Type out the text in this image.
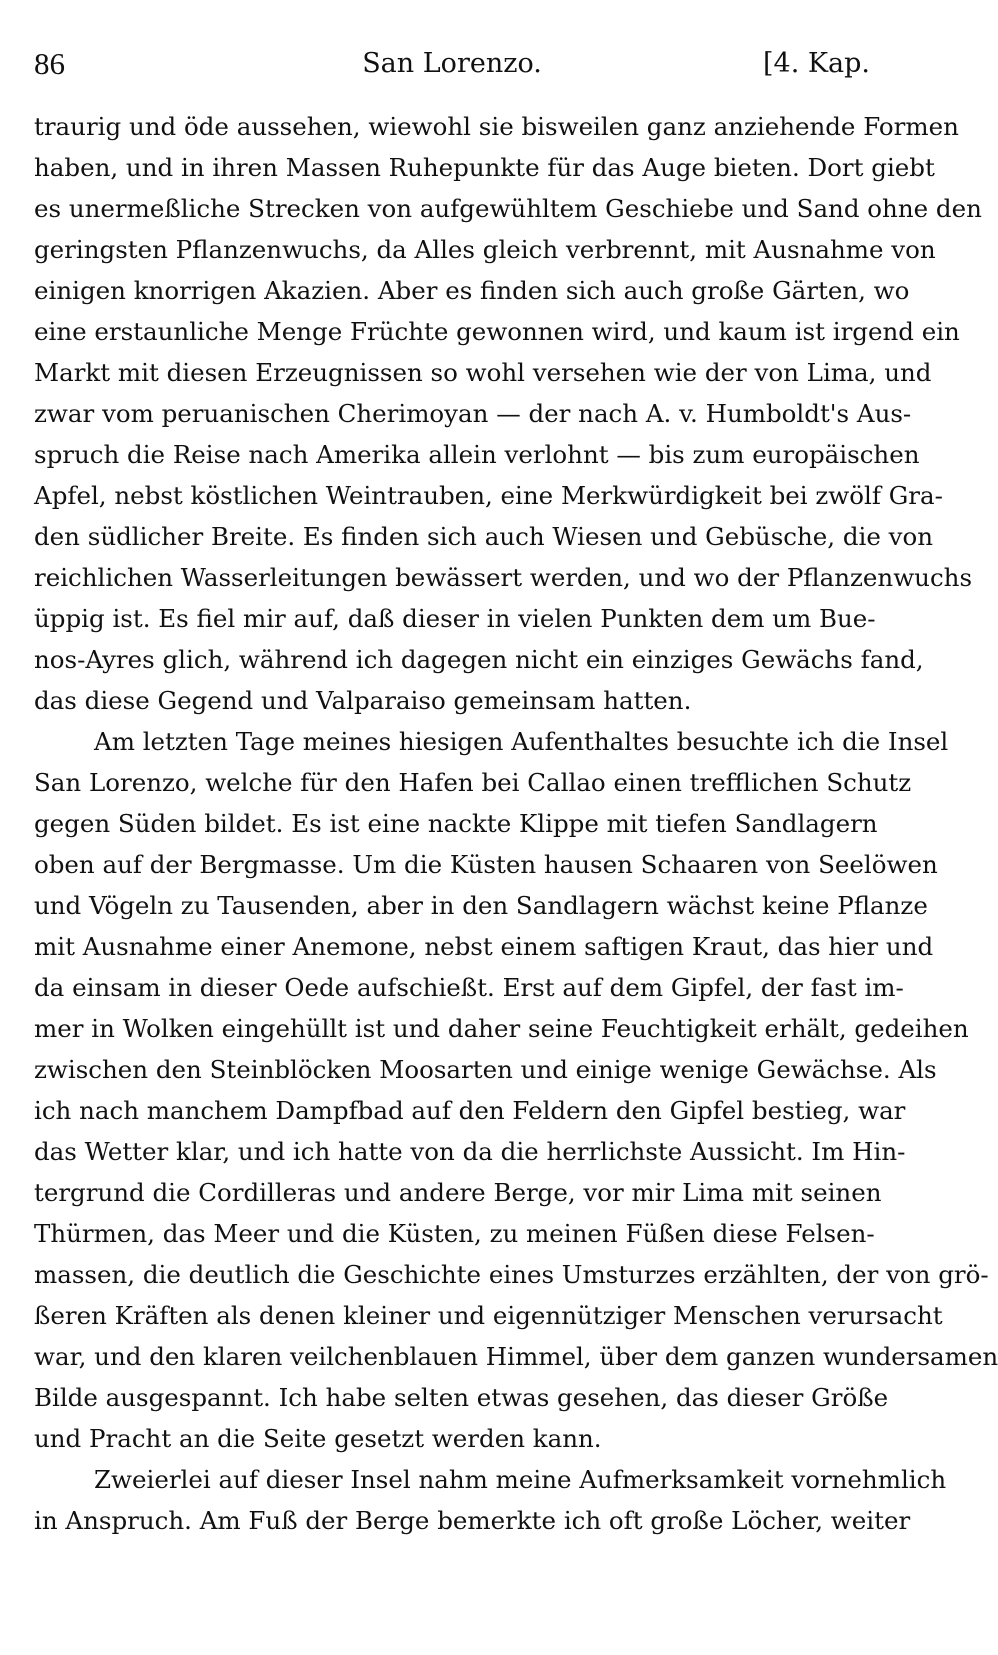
86	San Lorenzo.	[4. Kap.
traurig und öde aussehen, wiewohl sie bisweilen ganz anziehende Formen
haben, und in ihren Massen Ruhepunkte für das Auge bieten. Dort giebt
es unermeßliche Strecken von aufgewühltem Geschiebe und Sand ohne den
geringsten Pflanzenwuchs, da Alles gleich verbrennt, mit Ausnahme von
einigen knorrigen Akazien. Aber es finden sich auch große Gärten, wo
eine erstaunliche Menge Früchte gewonnen wird, und kaum ist irgend ein
Markt mit diesen Erzeugnissen so wohl versehen wie der von Lima, und
zwar vom peruanischen Cherimoyan — der nach A. v. Humboldt's Aus-
spruch die Reise nach Amerika allein verlohnt — bis zum europäischen
Apfel, nebst köstlichen Weintrauben, eine Merkwürdigkeit bei zwölf Gra-
den südlicher Breite. Es finden sich auch Wiesen und Gebüsche, die von
reichlichen Wasserleitungen bewässert werden, und wo der Pflanzenwuchs
üppig ist. Es fiel mir auf, daß dieser in vielen Punkten dem um Bue-
nos-Ayres glich, während ich dagegen nicht ein einziges Gewächs fand,
das diese Gegend und Valparaiso gemeinsam hatten.
Am letzten Tage meines hiesigen Aufenthaltes besuchte ich die Insel
San Lorenzo, welche für den Hafen bei Callao einen trefflichen Schutz
gegen Süden bildet. Es ist eine nackte Klippe mit tiefen Sandlagern
oben auf der Bergmasse. Um die Küsten hausen Schaaren von Seelöwen
und Vögeln zu Tausenden, aber in den Sandlagern wächst keine Pflanze
mit Ausnahme einer Anemone, nebst einem saftigen Kraut, das hier und
da einsam in dieser Oede aufschießt. Erst auf dem Gipfel, der fast im-
mer in Wolken eingehüllt ist und daher seine Feuchtigkeit erhält, gedeihen
zwischen den Steinblöcken Moosarten und einige wenige Gewächse. Als
ich nach manchem Dampfbad auf den Feldern den Gipfel bestieg, war
das Wetter klar, und ich hatte von da die herrlichste Aussicht. Im Hin-
tergrund die Cordilleras und andere Berge, vor mir Lima mit seinen
Thürmen, das Meer und die Küsten, zu meinen Füßen diese Felsen-
massen, die deutlich die Geschichte eines Umsturzes erzählten, der von grö-
ßeren Kräften als denen kleiner und eigennütziger Menschen verursacht
war, und den klaren veilchenblauen Himmel, über dem ganzen wundersamen
Bilde ausgespannt. Ich habe selten etwas gesehen, das dieser Größe
und Pracht an die Seite gesetzt werden kann.
Zweierlei auf dieser Insel nahm meine Aufmerksamkeit vornehmlich
in Anspruch. Am Fuß der Berge bemerkte ich oft große Löcher, weiter
